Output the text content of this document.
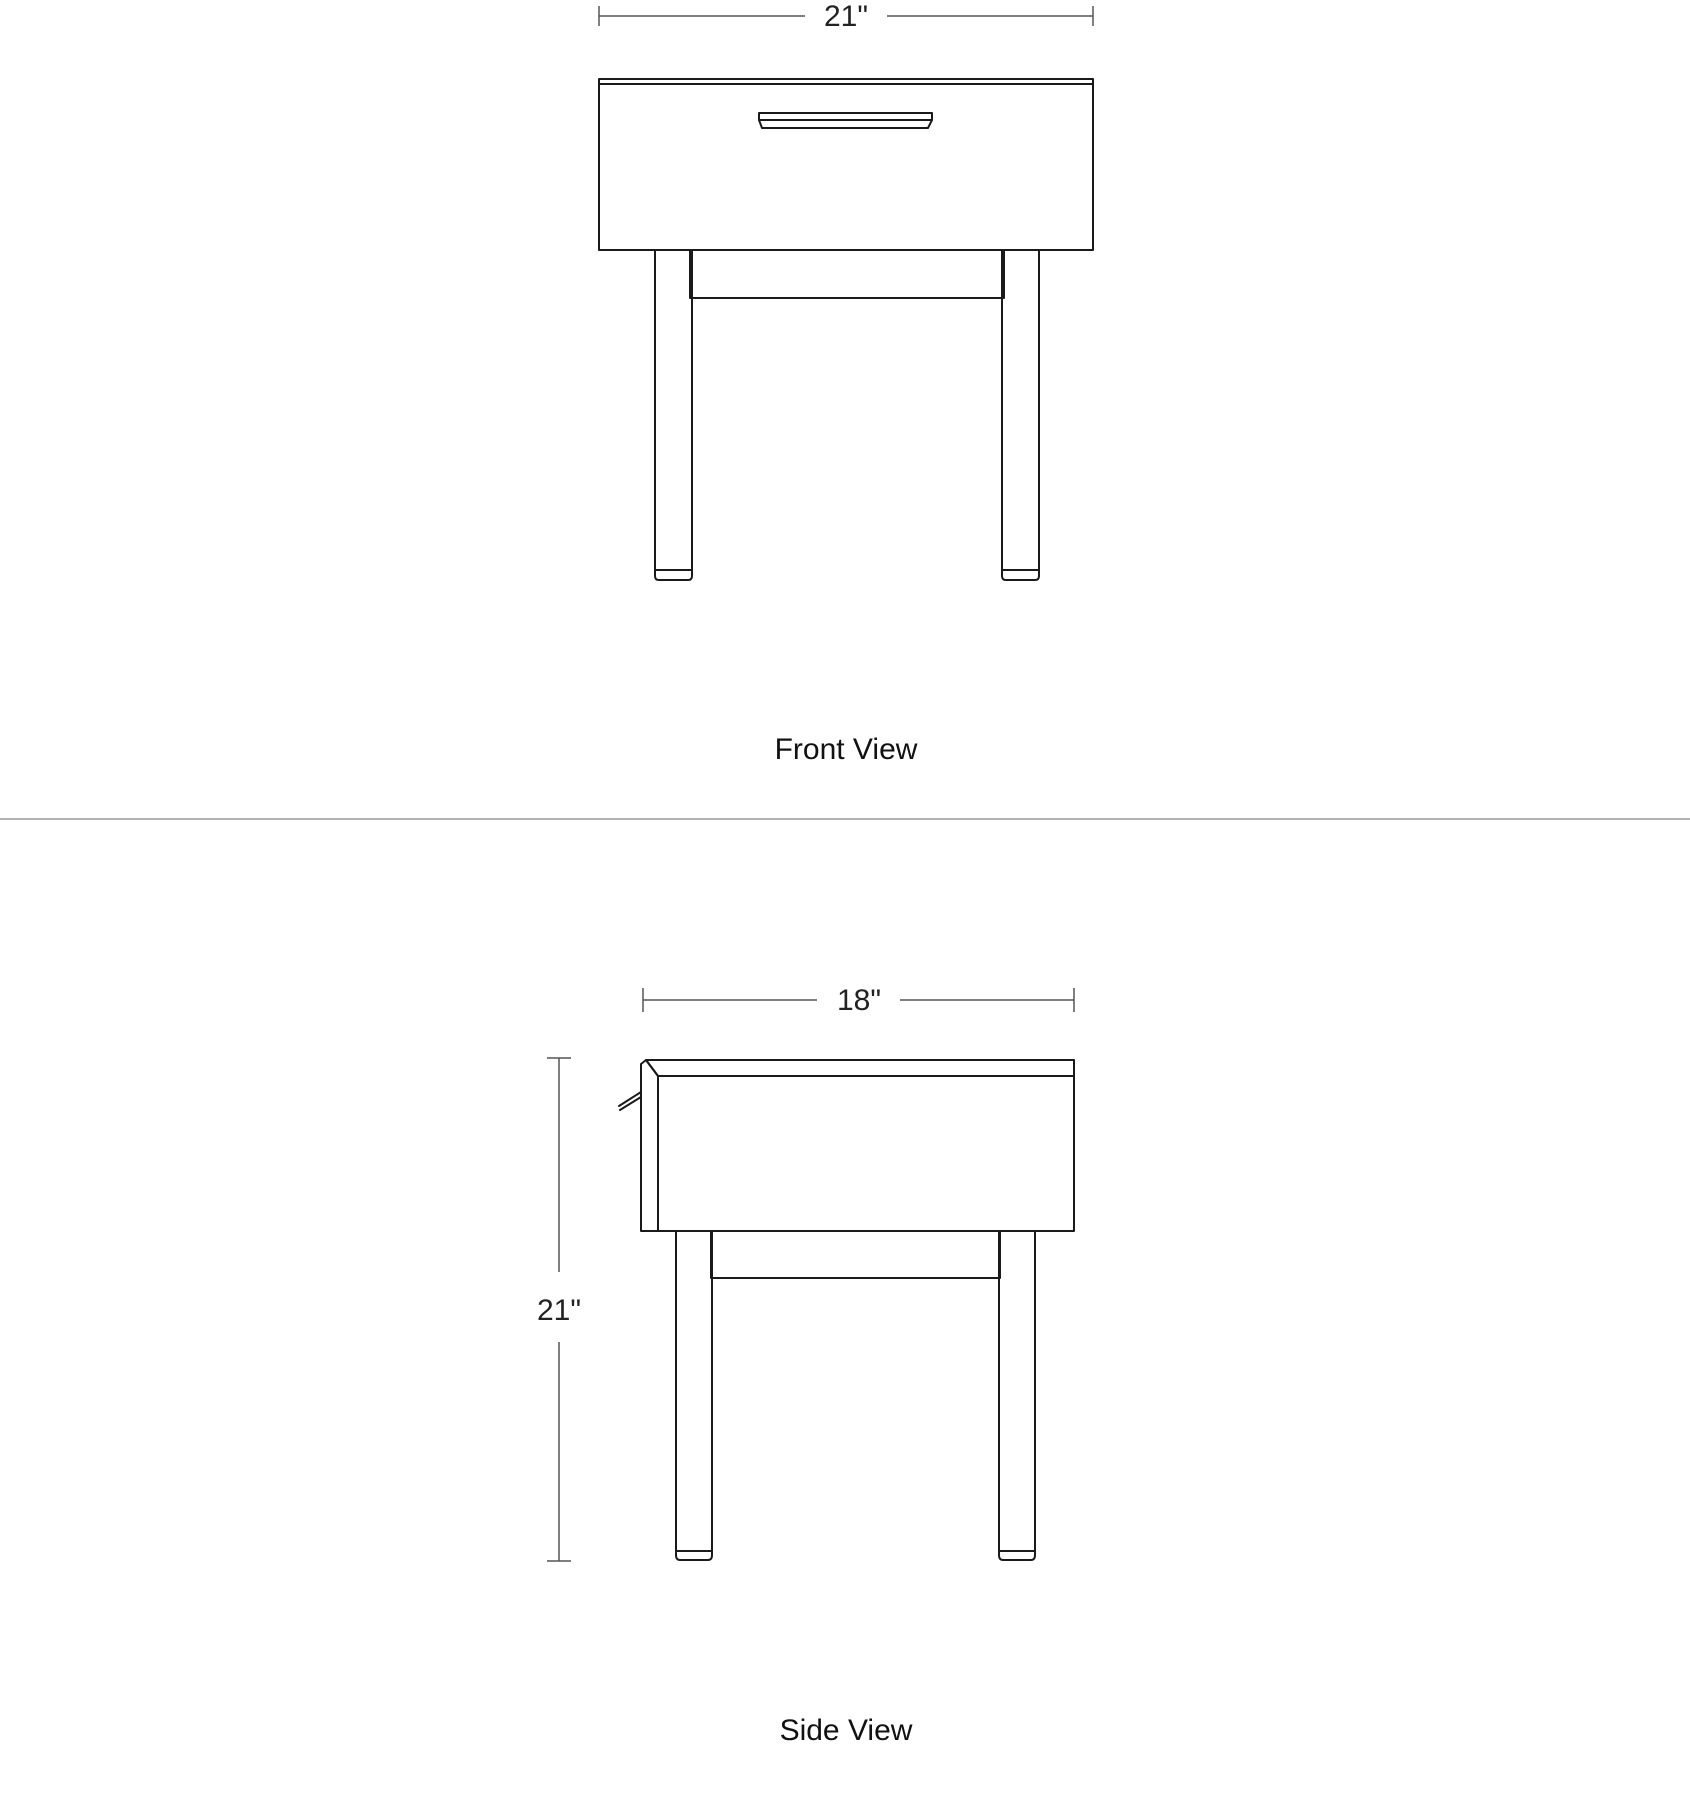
21"
Front View
18"
21"
Side View
